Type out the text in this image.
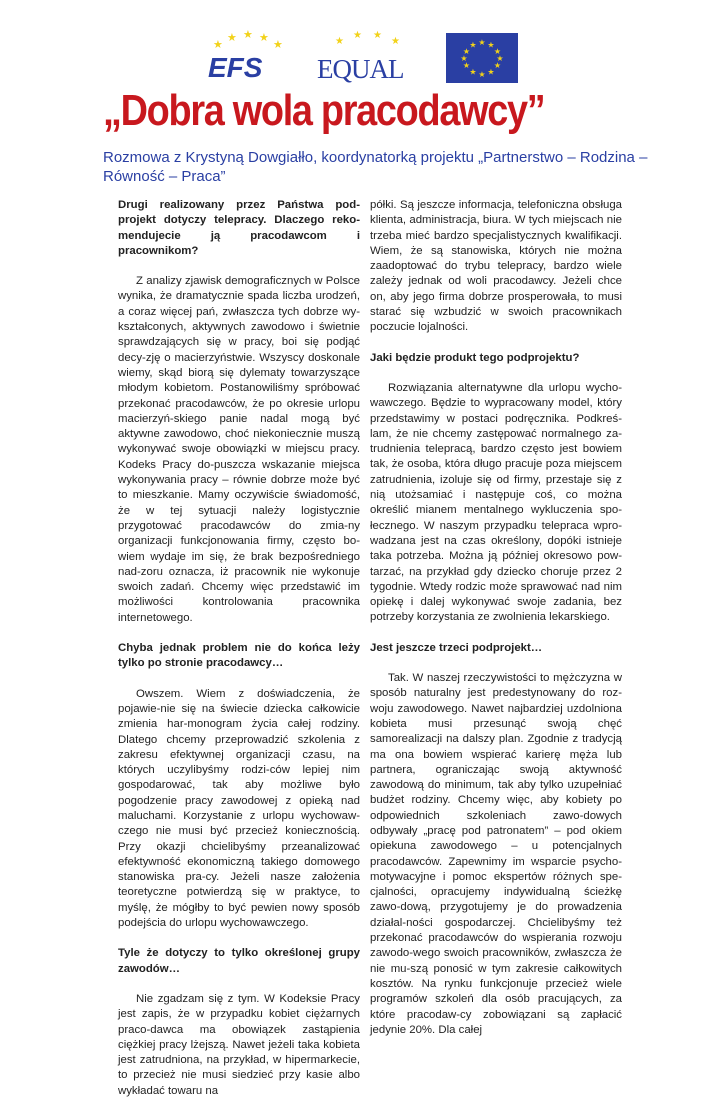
★
★ ★ ★
★
EFS
★
★ ★
★
EQUAL
★ ★
★
★
★
★
★
★
★
★
★
★
„Dobra wola pracodawcy”
Rozmowa z Krystyną Dowgiałło, koordynatorką projektu „Partnerstwo – Rodzina – Równość – Praca”
Drugi realizowany przez Państwa pod-projekt dotyczy telepracy. Dlaczego reko-mendujecie ją pracodawcom i pracownikom?
Z analizy zjawisk demograficznych w Polsce wynika, że dramatycznie spada liczba urodzeń, a coraz więcej pań, zwłaszcza tych dobrze wy-kształconych, aktywnych zawodowo i świetnie sprawdzających się w pracy, boi się podjąć decy-zję o macierzyństwie. Wszyscy doskonale wiemy, skąd biorą się dylematy towarzyszące młodym kobietom. Postanowiliśmy spróbować przekonać pracodawców, że po okresie urlopu macierzyń-skiego panie nadal mogą być aktywne zawodowo, choć niekoniecznie muszą wykonywać swoje obowiązki w miejscu pracy. Kodeks Pracy do-puszcza wskazanie miejsca wykonywania pracy – równie dobrze może być to mieszkanie. Mamy oczywiście świadomość, że w tej sytuacji należy logistycznie przygotować pracodawców do zmia-ny organizacji funkcjonowania firmy, często bo-wiem wydaje im się, że brak bezpośredniego nad-zoru oznacza, iż pracownik nie wykonuje swoich zadań. Chcemy więc przedstawić im możliwości kontrolowania pracownika internetowego.
Chyba jednak problem nie do końca leży tylko po stronie pracodawcy…
Owszem. Wiem z doświadczenia, że pojawie-nie się na świecie dziecka całkowicie zmienia har-monogram życia całej rodziny. Dlatego chcemy przeprowadzić szkolenia z zakresu efektywnej organizacji czasu, na których uczylibyśmy rodzi-ców lepiej nim gospodarować, tak aby możliwe było pogodzenie pracy zawodowej z opieką nad maluchami. Korzystanie z urlopu wychowaw-czego nie musi być przecież koniecznością. Przy okazji chcielibyśmy przeanalizować efektywność ekonomiczną takiego domowego stanowiska pra-cy. Jeżeli nasze założenia teoretyczne potwierdzą się w praktyce, to myślę, że mógłby to być pewien nowy sposób podejścia do urlopu wychowawczego.
Tyle że dotyczy to tylko określonej grupy zawodów…
Nie zgadzam się z tym. W Kodeksie Pracy jest zapis, że w przypadku kobiet ciężarnych praco-dawca ma obowiązek zastąpienia ciężkiej pracy lżejszą. Nawet jeżeli taka kobieta jest zatrudniona, na przykład, w hipermarkecie, to przecież nie musi siedzieć przy kasie albo wykładać towaru na
półki. Są jeszcze informacja, telefoniczna obsługa klienta, administracja, biura. W tych miejscach nie trzeba mieć bardzo specjalistycznych kwalifikacji. Wiem, że są stanowiska, których nie można zaadoptować do trybu telepracy, bardzo wiele zależy jednak od woli pracodawcy. Jeżeli chce on, aby jego firma dobrze prosperowała, to musi starać się wzbudzić w swoich pracownikach poczucie lojalności.
Jaki będzie produkt tego podprojektu?
Rozwiązania alternatywne dla urlopu wycho-wawczego. Będzie to wypracowany model, który przedstawimy w postaci podręcznika. Podkreś-lam, że nie chcemy zastępować normalnego za-trudnienia telepracą, bardzo często jest bowiem tak, że osoba, która długo pracuje poza miejscem zatrudnienia, izoluje się od firmy, przestaje się z nią utożsamiać i następuje coś, co można określić mianem mentalnego wykluczenia spo-łecznego. W naszym przypadku telepraca wpro-wadzana jest na czas określony, dopóki istnieje taka potrzeba. Można ją później okresowo pow-tarzać, na przykład gdy dziecko choruje przez 2 tygodnie. Wtedy rodzic może sprawować nad nim opiekę i dalej wykonywać swoje zadania, bez potrzeby korzystania ze zwolnienia lekarskiego.
Jest jeszcze trzeci podprojekt…
Tak. W naszej rzeczywistości to mężczyzna w sposób naturalny jest predestynowany do roz-woju zawodowego. Nawet najbardziej uzdolniona kobieta musi przesunąć swoją chęć samorealizacji na dalszy plan. Zgodnie z tradycją ma ona bowiem wspierać karierę męża lub partnera, ograniczając swoją aktywność zawodową do minimum, tak aby tylko uzupełniać budżet rodziny. Chcemy więc, aby kobiety po odpowiednich szkoleniach zawo-dowych odbywały „pracę pod patronatem” – pod okiem opiekuna zawodowego – u potencjalnych pracodawców. Zapewnimy im wsparcie psycho-motywacyjne i pomoc ekspertów różnych spe-cjalności, opracujemy indywidualną ścieżkę zawo-dową, przygotujemy je do prowadzenia działal-ności gospodarczej. Chcielibyśmy też przekonać pracodawców do wspierania rozwoju zawodo-wego swoich pracowników, zwłaszcza że nie mu-szą ponosić w tym zakresie całkowitych kosztów. Na rynku funkcjonuje przecież wiele programów szkoleń dla osób pracujących, za które pracodaw-cy zobowiązani są zapłacić jedynie 20%. Dla całej
